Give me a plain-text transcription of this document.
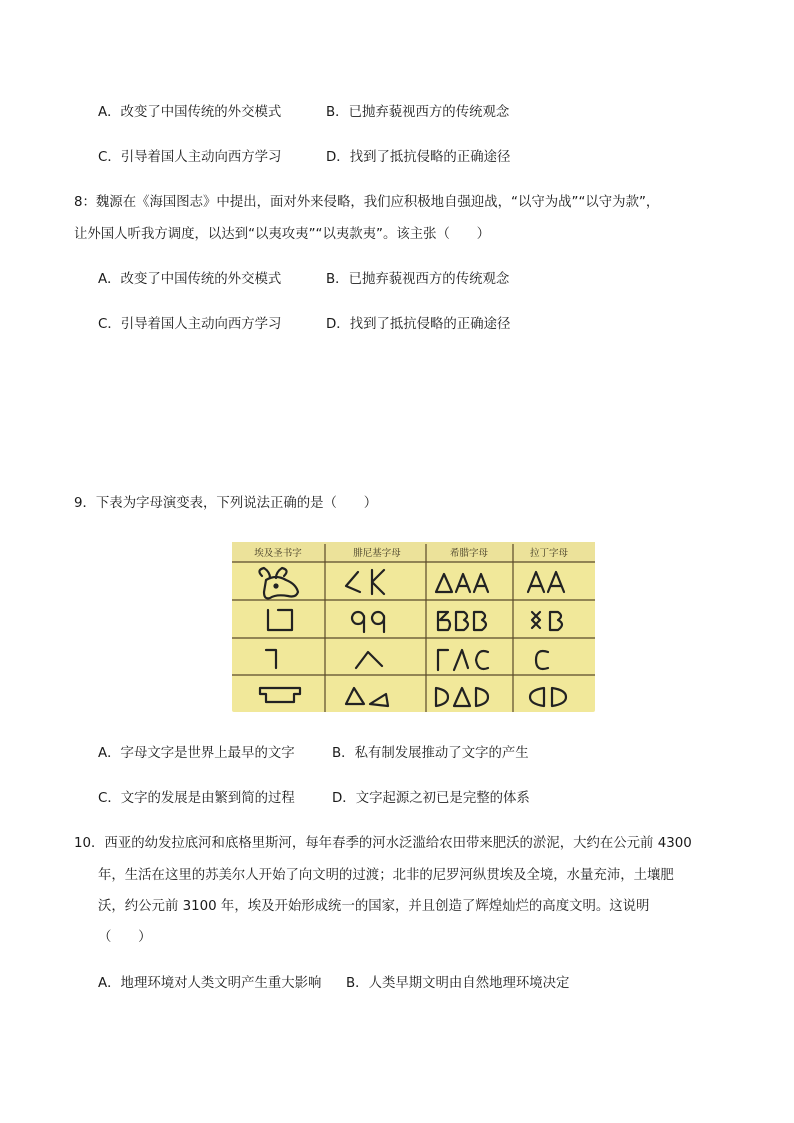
A．改变了中国传统的外交模式	B．已抛弃藐视西方的传统观念
C．引导着国人主动向西方学习	D．找到了抵抗侵略的正确途径
8：魏源在《海国图志》中提出，面对外来侵略，我们应积极地自强迎战，“以守为战”“以守为款”，
让外国人听我方调度，以达到“以夷攻夷”“以夷款夷”。该主张（　　）
A．改变了中国传统的外交模式	B．已抛弃藐视西方的传统观念
C．引导着国人主动向西方学习	D．找到了抵抗侵略的正确途径
9．下表为字母演变表，下列说法正确的是（　　）
埃及圣书字	腓尼基字母	希腊字母	拉丁字母
A．字母文字是世界上最早的文字	B．私有制发展推动了文字的产生
C．文字的发展是由繁到简的过程	D．文字起源之初已是完整的体系
10．西亚的幼发拉底河和底格里斯河，每年春季的河水泛滥给农田带来肥沃的淤泥，大约在公元前 4300
年，生活在这里的苏美尔人开始了向文明的过渡；北非的尼罗河纵贯埃及全境，水量充沛，土壤肥
沃，约公元前 3100 年，埃及开始形成统一的国家，并且创造了辉煌灿烂的高度文明。这说明
（　　）
A．地理环境对人类文明产生重大影响 B．人类早期文明由自然地理环境决定
